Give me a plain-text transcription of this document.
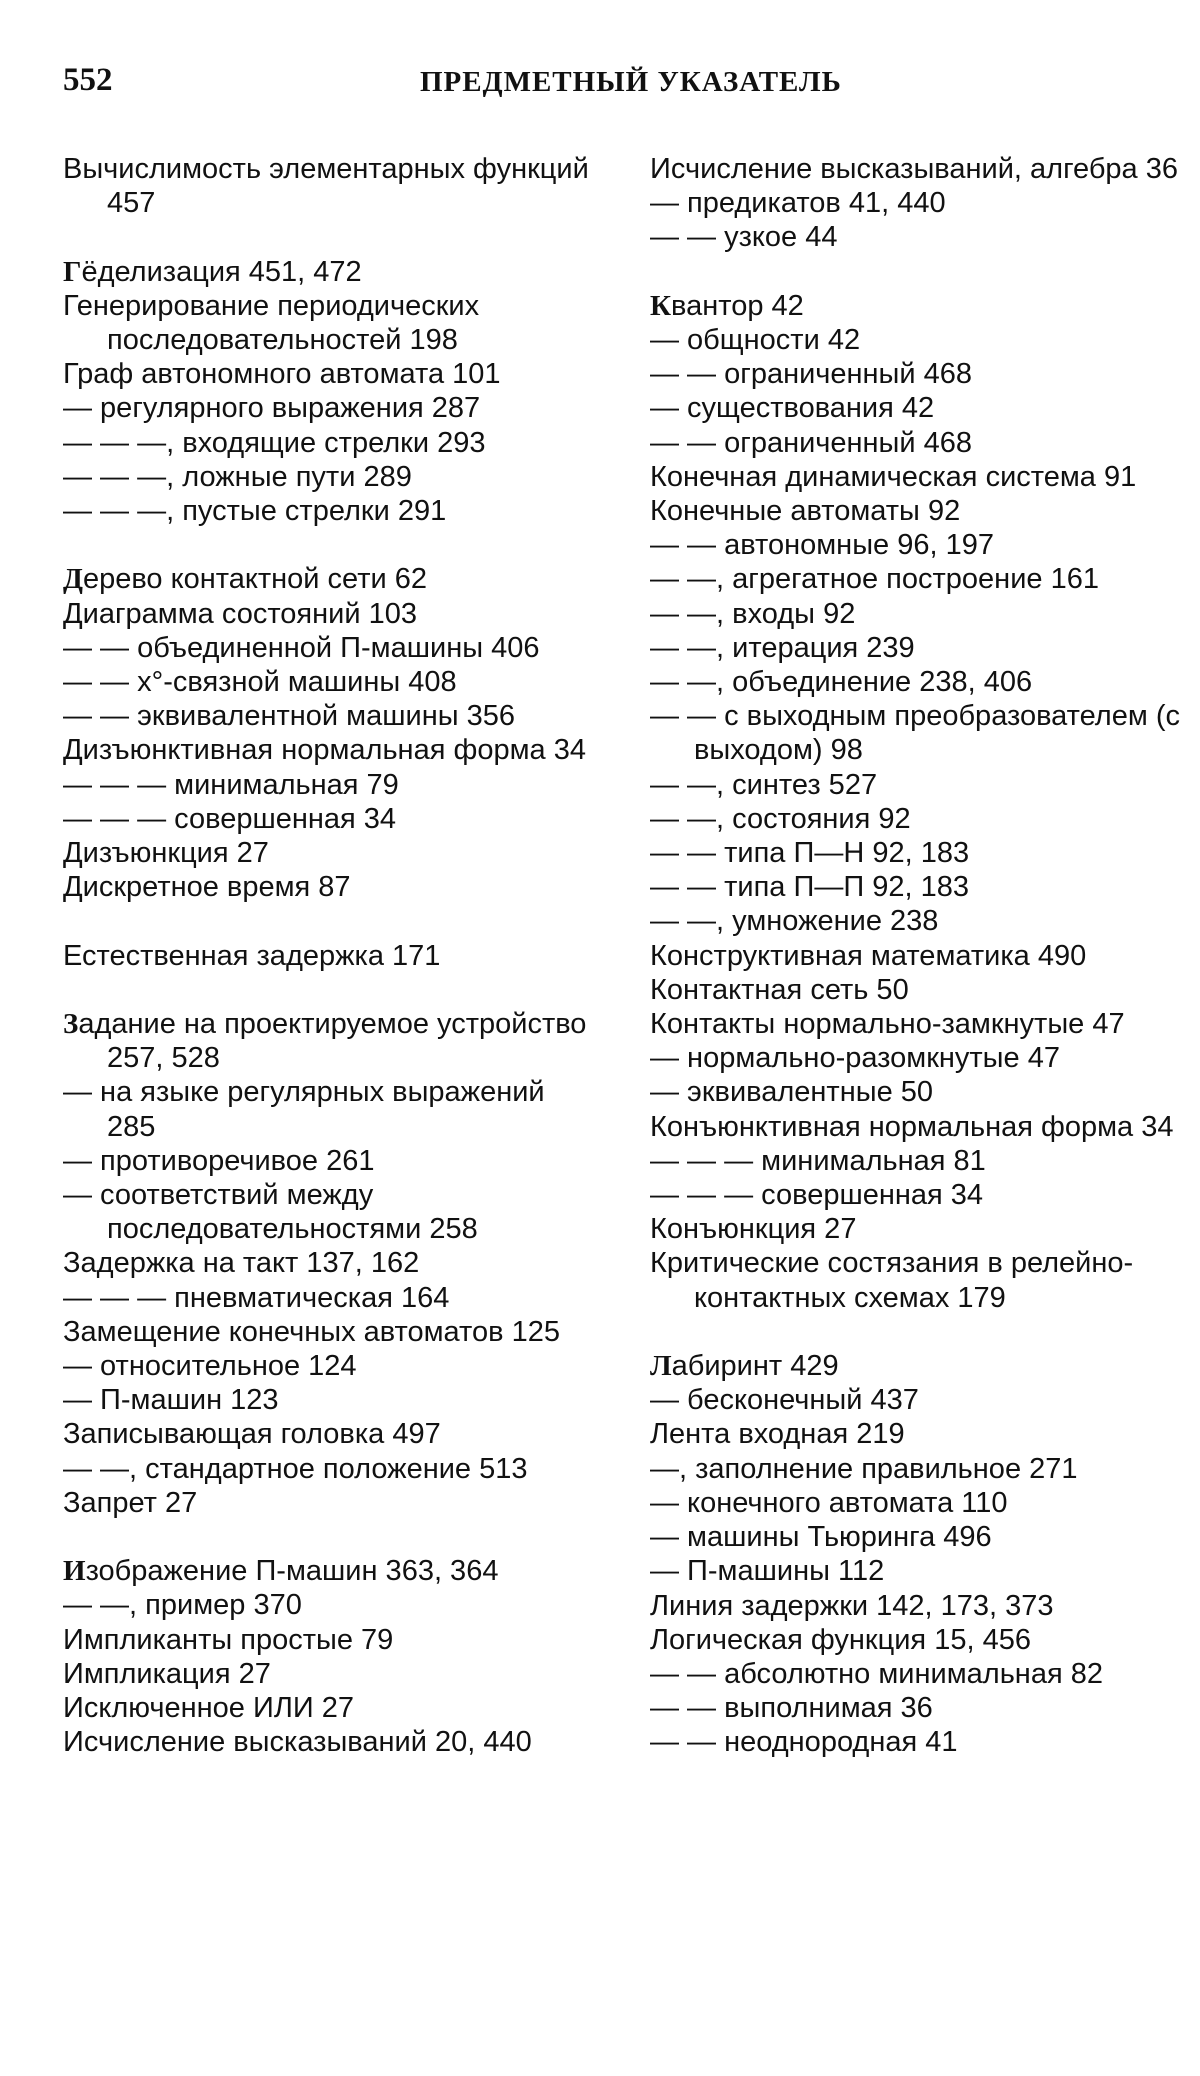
552	ПРЕДМЕТНЫЙ УКАЗАТЕЛЬ

Вычислимость элементарных функций 457

Гёделизация 451, 472

Генерирование периодических последовательностей 198

Граф автономного автомата 101

— регулярного выражения 287

— — —, входящие стрелки 293

— — —, ложные пути 289

— — —, пустые стрелки 291

Дерево контактной сети 62

Диаграмма состояний 103

— — объединенной П-машины 406

— — x°-связной машины 408

— — эквивалентной машины 356

Дизъюнктивная нормальная форма 34

— — — минимальная 79

— — — совершенная 34

Дизъюнкция 27

Дискретное время 87

Естественная задержка 171

Задание на проектируемое устройство 257, 528

— на языке регулярных выражений 285

— противоречивое 261

— соответствий между последовательностями 258

Задержка на такт 137, 162

— — — пневматическая 164

Замещение конечных автоматов 125

— относительное 124

— П-машин 123

Записывающая головка 497

— —, стандартное положение 513

Запрет 27

Изображение П-машин 363, 364

— —, пример 370

Импликанты простые 79

Импликация 27

Исключенное ИЛИ 27

Исчисление высказываний 20, 440

Исчисление высказываний, алгебра 36

— предикатов 41, 440

— — узкое 44

Квантор 42

— общности 42

— — ограниченный 468

— существования 42

— — ограниченный 468

Конечная динамическая система 91

Конечные автоматы 92

— — автономные 96, 197

— —, агрегатное построение 161

— —, входы 92

— —, итерация 239

— —, объединение 238, 406

— — с выходным преобразователем (с выходом) 98

— —, синтез 527

— —, состояния 92

— — типа П—Н 92, 183

— — типа П—П 92, 183

— —, умножение 238

Конструктивная математика 490

Контактная сеть 50

Контакты нормально-замкнутые 47

— нормально-разомкнутые 47

— эквивалентные 50

Конъюнктивная нормальная форма 34

— — — минимальная 81

— — — совершенная 34

Конъюнкция 27

Критические состязания в релейно-контактных схемах 179

Лабиринт 429

— бесконечный 437

Лента входная 219

—, заполнение правильное 271

— конечного автомата 110

— машины Тьюринга 496

— П-машины 112

Линия задержки 142, 173, 373

Логическая функция 15, 456

— — абсолютно минимальная 82

— — выполнимая 36

— — неоднородная 41
